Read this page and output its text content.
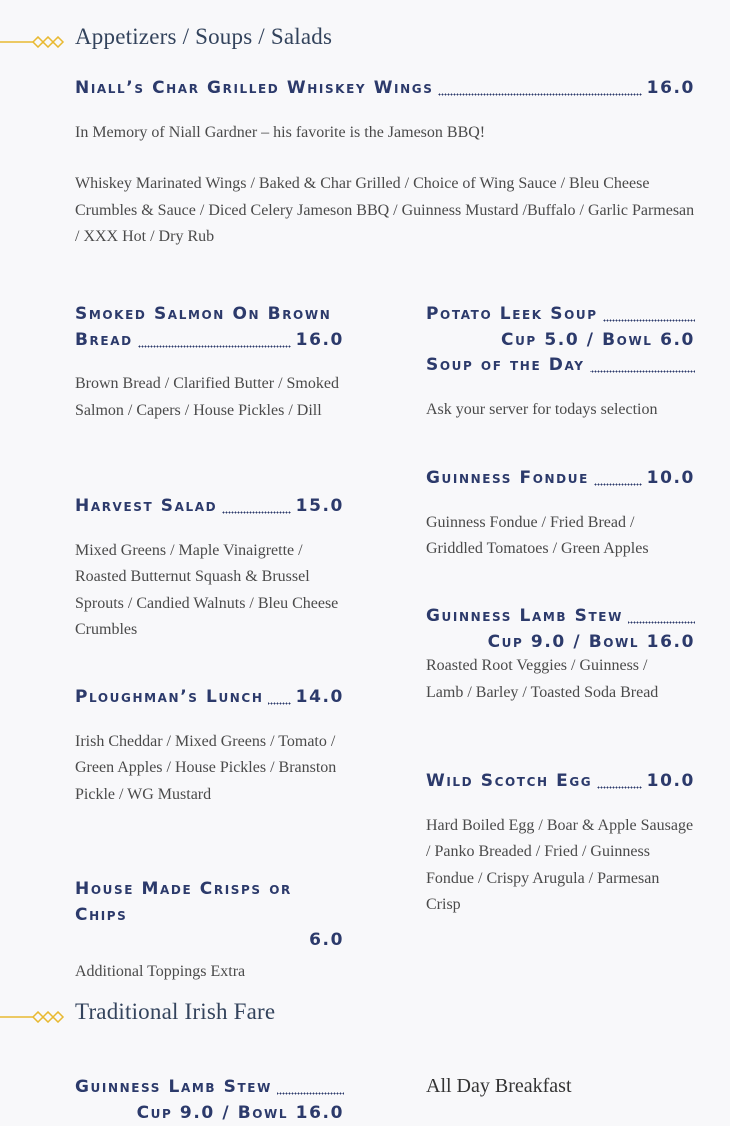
Appetizers / Soups / Salads
Niall’s Char Grilled Whiskey Wings	16.0

In Memory of Niall Gardner – his favorite is the Jameson BBQ!

Whiskey Marinated Wings / Baked & Char Grilled / Choice of Wing Sauce / Bleu Cheese Crumbles & Sauce / Diced Celery Jameson BBQ / Guinness Mustard /Buffalo / Garlic Parmesan / XXX Hot / Dry Rub

Smoked Salmon On Brown
Bread	16.0

Brown Bread / Clarified Butter / Smoked Salmon / Capers / House Pickles / Dill

Harvest Salad	15.0

Mixed Greens / Maple Vinaigrette / Roasted Butternut Squash & Brussel Sprouts / Candied Walnuts / Bleu Cheese Crumbles

Ploughman’s Lunch 14.0

Irish Cheddar / Mixed Greens / Tomato / Green Apples / House Pickles / Branston Pickle / WG Mustard

House Made Crisps or Chips
6.0

Additional Toppings Extra

Potato Leek Soup

Cup 5.0 / Bowl 6.0
Soup of the Day

Ask your server for todays selection

Guinness Fondue	10.0

Guinness Fondue / Fried Bread / Griddled Tomatoes / Green Apples

Guinness Lamb Stew

Cup 9.0 / Bowl 16.0

Roasted Root Veggies / Guinness / Lamb / Barley / Toasted Soda Bread

Wild Scotch Egg	10.0

Hard Boiled Egg / Boar & Apple Sausage / Panko Breaded / Fried / Guinness Fondue / Crispy Arugula / Parmesan Crisp

Traditional Irish Fare
Guinness Lamb Stew

Cup 9.0 / Bowl 16.0
All Day Breakfast
